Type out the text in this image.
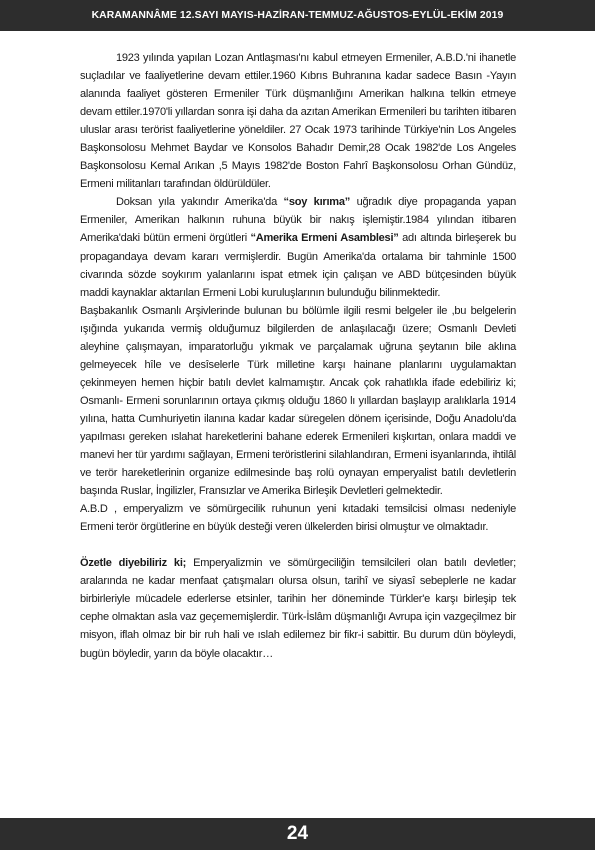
KARAMANNÂME 12.SAYI MAYIS-HAZİRAN-TEMMUZ-AĞUSTOS-EYLÜL-EKİM 2019

1923 yılında yapılan Lozan Antlaşması'nı kabul etmeyen Ermeniler, A.B.D.'ni ihanetle suçladılar ve faaliyetlerine devam ettiler.1960 Kıbrıs Buhranına kadar sadece Basın -Yayın alanında faaliyet gösteren Ermeniler Türk düşmanlığını Amerikan halkına telkin etmeye devam ettiler.1970'li yıllardan sonra işi daha da azıtan Amerikan Ermenileri bu tarihten itibaren uluslar arası terörist faaliyetlerine yöneldiler. 27 Ocak 1973 tarihinde Türkiye'nin Los Angeles Başkonsolosu Mehmet Baydar ve Konsolos Bahadır Demir,28 Ocak 1982'de Los Angeles Başkonsolosu Kemal Arıkan ,5 Mayıs 1982'de Boston Fahrî Başkonsolosu Orhan Gündüz, Ermeni militanları tarafından öldürüldüler.

Doksan yıla yakındır Amerika'da “soy kırıma” uğradık diye propaganda yapan Ermeniler, Amerikan halkının ruhuna büyük bir nakış işlemiştir.1984 yılından itibaren Amerika'daki bütün ermeni örgütleri “Amerika Ermeni Asamblesi” adı altında birleşerek bu propagandaya devam kararı vermişlerdir. Bugün Amerika'da ortalama bir tahminle 1500 civarında sözde soykırım yalanlarını ispat etmek için çalışan ve ABD bütçesinden büyük maddi kaynaklar aktarılan Ermeni Lobi kuruluşlarının bulunduğu bilinmektedir.

Başbakanlık Osmanlı Arşivlerinde bulunan bu bölümle ilgili resmi belgeler ile ,bu belgelerin ışığında yukarıda vermiş olduğumuz bilgilerden de anlaşılacağı üzere; Osmanlı Devleti aleyhine çalışmayan, imparatorluğu yıkmak ve parçalamak uğruna şeytanın bile aklına gelmeyecek hîle ve desîselerle Türk milletine karşı hainane planlarını uygulamaktan çekinmeyen hemen hiçbir batılı devlet kalmamıştır. Ancak çok rahatlıkla ifade edebiliriz ki; Osmanlı- Ermeni sorunlarının ortaya çıkmış olduğu 1860 lı yıllardan başlayıp aralıklarla 1914 yılına, hatta Cumhuriyetin ilanına kadar kadar süregelen dönem içerisinde, Doğu Anadolu'da yapılması gereken ıslahat hareketlerini bahane ederek Ermenileri kışkırtan, onlara maddi ve manevi her tür yardımı sağlayan, Ermeni teröristlerini silahlandıran, Ermeni isyanlarında, ihtilâl ve terör hareketlerinin organize edilmesinde baş rolü oynayan emperyalist batılı devletlerin başında Ruslar, İngilizler, Fransızlar ve Amerika Birleşik Devletleri gelmektedir.

A.B.D , emperyalizm ve sömürgecilik ruhunun yeni kıtadaki temsilcisi olması nedeniyle Ermeni terör örgütlerine en büyük desteği veren ülkelerden birisi olmuştur ve olmaktadır.

Özetle diyebiliriz ki; Emperyalizmin ve sömürgeciliğin temsilcileri olan batılı devletler; aralarında ne kadar menfaat çatışmaları olursa olsun, tarihî ve siyasî sebeplerle ne kadar birbirleriyle mücadele ederlerse etsinler, tarihin her döneminde Türkler'e karşı birleşip tek cephe olmaktan asla vaz geçememişlerdir. Türk-İslâm düşmanlığı Avrupa için vazgeçilmez bir misyon, iflah olmaz bir bir ruh hali ve ıslah edilemez bir fikr-i sabittir. Bu durum dün böyleydi, bugün böyledir, yarın da böyle olacaktır…

24
